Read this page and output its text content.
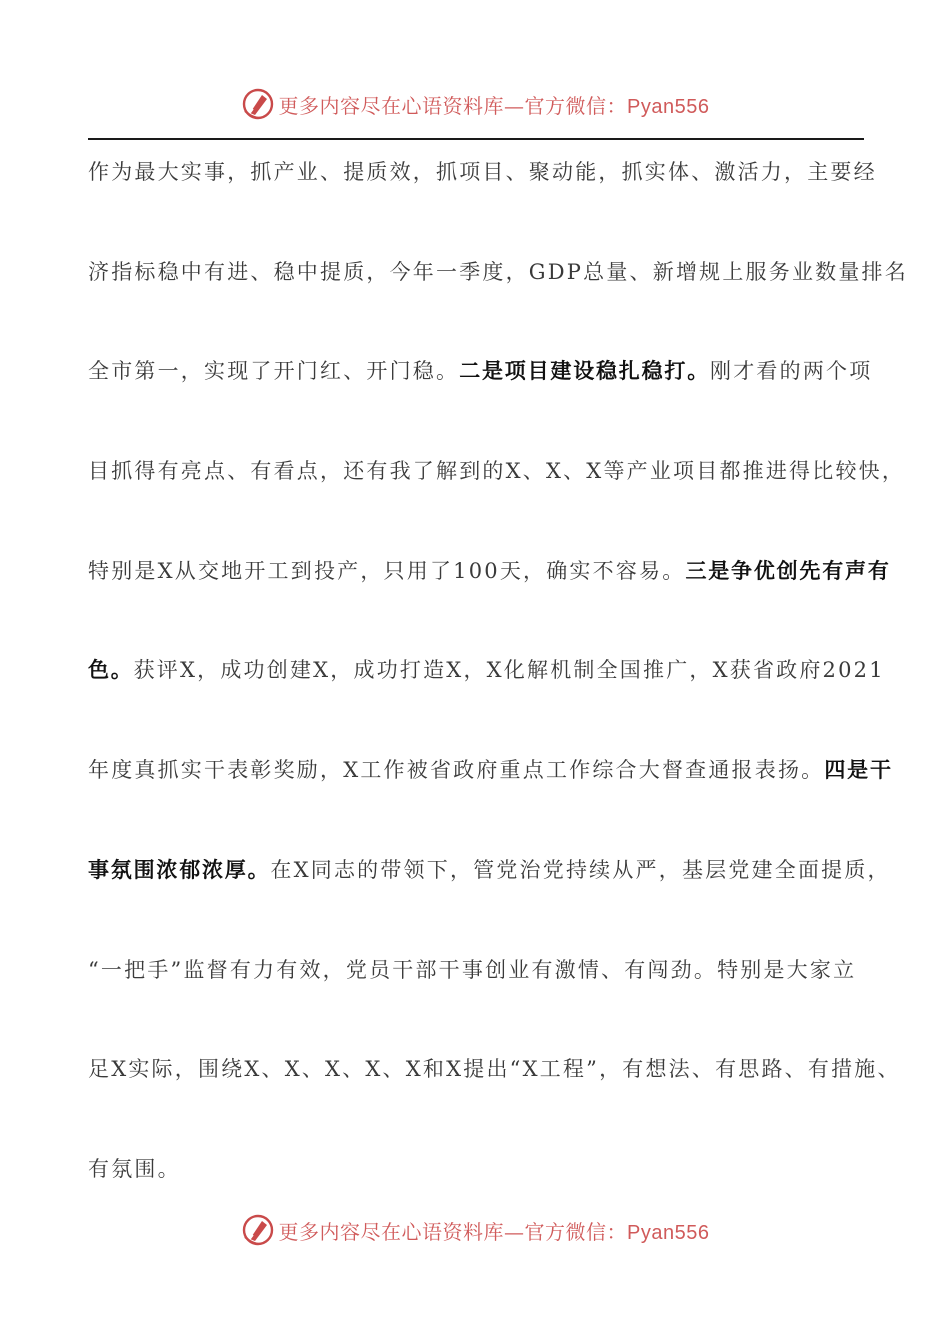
更多内容尽在心语资料库—官方微信：Pyan556
作为最大实事，抓产业、提质效，抓项目、聚动能，抓实体、激活力，主要经
济指标稳中有进、稳中提质，今年一季度，GDP总量、新增规上服务业数量排名
全市第一，实现了开门红、开门稳。二是项目建设稳扎稳打。刚才看的两个项
目抓得有亮点、有看点，还有我了解到的X、X、X等产业项目都推进得比较快，
特别是X从交地开工到投产，只用了100天，确实不容易。三是争优创先有声有
色。获评X，成功创建X，成功打造X，X化解机制全国推广，X获省政府2021
年度真抓实干表彰奖励，X工作被省政府重点工作综合大督查通报表扬。四是干
事氛围浓郁浓厚。在X同志的带领下，管党治党持续从严，基层党建全面提质，
“一把手”监督有力有效，党员干部干事创业有激情、有闯劲。特别是大家立
足X实际，围绕X、X、X、X、X和X提出“X工程”，有想法、有思路、有措施、
有氛围。
更多内容尽在心语资料库—官方微信：Pyan556
